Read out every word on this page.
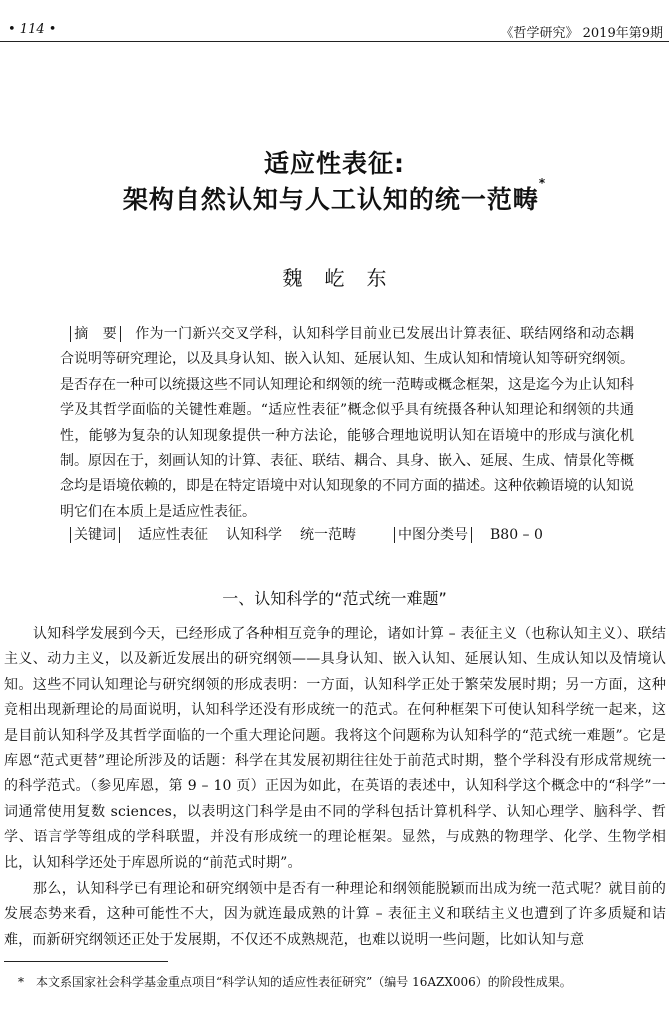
• 114 •	《哲学研究》 2019年第9期
适应性表征:
架构自然认知与人工认知的统一范畴*
魏屹东

摘　要　 作为一门新兴交叉学科，认知科学目前业已发展出计算表征、联结网络和动态耦合说明等研究理论，以及具身认知、嵌入认知、延展认知、生成认知和情境认知等研究纲领。是否存在一种可以统摄这些不同认知理论和纲领的统一范畴或概念框架，这是迄今为止认知科学及其哲学面临的关键性难题。“适应性表征”概念似乎具有统摄各种认知理论和纲领的共通性，能够为复杂的认知现象提供一种方法论，能够合理地说明认知在语境中的形成与演化机制。原因在于，刻画认知的计算、表征、联结、耦合、具身、嵌入、延展、生成、情景化等概念均是语境依赖的，即是在特定语境中对认知现象的不同方面的描述。这种依赖语境的认知说明它们在本质上是适应性表征。

关键词 适应性表征 认知科学 统一范畴	中图分类号 B80 – 0
一、认知科学的“范式统一难题”

认知科学发展到今天，已经形成了各种相互竞争的理论，诸如计算 – 表征主义（也称认知主义）、联结主义、动力主义，以及新近发展出的研究纲领——具身认知、嵌入认知、延展认知、生成认知以及情境认知。这些不同认知理论与研究纲领的形成表明：一方面，认知科学正处于繁荣发展时期；另一方面，这种竞相出现新理论的局面说明，认知科学还没有形成统一的范式。在何种框架下可使认知科学统一起来，这是目前认知科学及其哲学面临的一个重大理论问题。我将这个问题称为认知科学的“范式统一难题”。它是库恩“范式更替”理论所涉及的话题：科学在其发展初期往往处于前范式时期，整个学科没有形成常规统一的科学范式。（参见库恩，第 9 – 10 页）正因为如此，在英语的表述中，认知科学这个概念中的“科学”一词通常使用复数 sciences，以表明这门科学是由不同的学科包括计算机科学、认知心理学、脑科学、哲学、语言学等组成的学科联盟，并没有形成统一的理论框架。显然，与成熟的物理学、化学、生物学相比，认知科学还处于库恩所说的“前范式时期”。

那么，认知科学已有理论和研究纲领中是否有一种理论和纲领能脱颖而出成为统一范式呢？就目前的发展态势来看，这种可能性不大，因为就连最成熟的计算 – 表征主义和联结主义也遭到了许多质疑和诘难，而新研究纲领还正处于发展期，不仅还不成熟规范，也难以说明一些问题，比如认知与意

* 本文系国家社会科学基金重点项目“科学认知的适应性表征研究”（编号 16AZX006）的阶段性成果。
